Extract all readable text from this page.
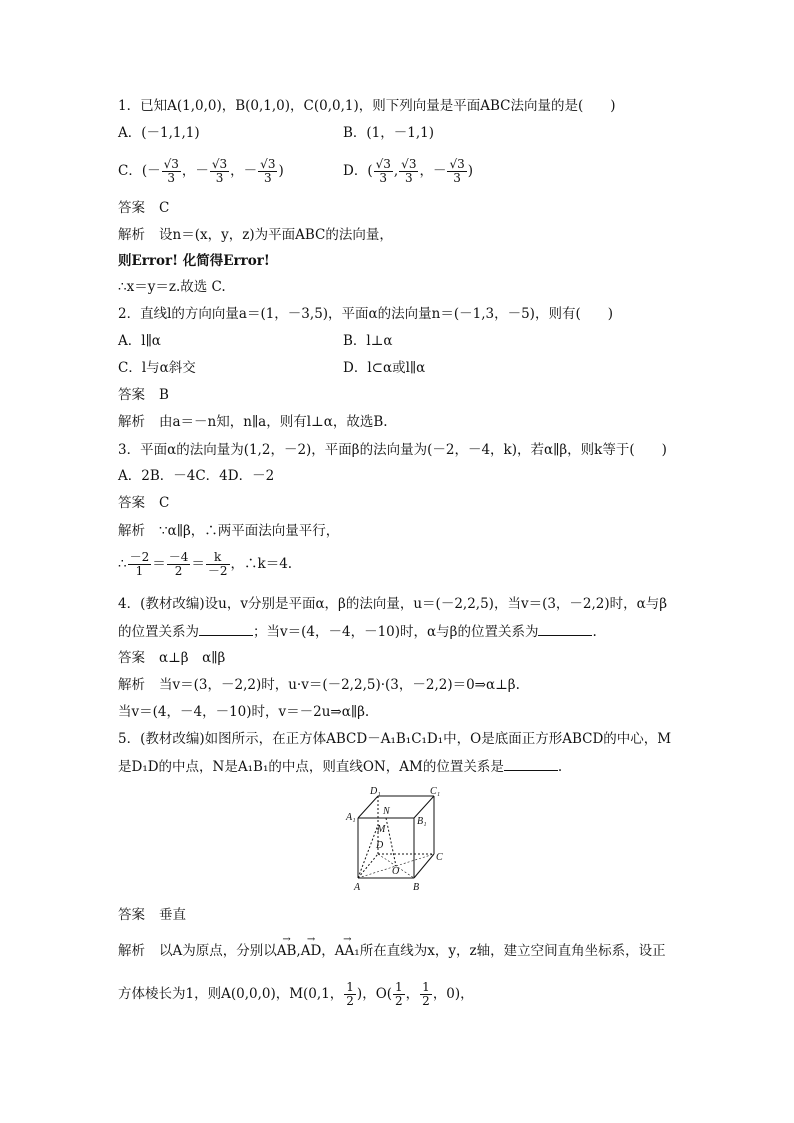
1．已知A(1,0,0)，B(0,1,0)，C(0,0,1)，则下列向量是平面ABC法向量的是(　　)
A．(－1,1,1)	B．(1，－1,1)
C．(－ $\frac{√3}{3}$ ，－ $\frac{√3}{3}$ ，－ $\frac{√3}{3}$ )	D．( $\frac{√3}{3}$ , $\frac{√3}{3}$ ，－ $\frac{√3}{3}$ )
答案 C
解析 设n＝(x，y，z)为平面ABC的法向量，
则Error! 化简得Error!
∴x＝y＝z.故选 C.
2．直线l的方向向量a＝(1，－3,5)，平面α的法向量n＝(－1,3，－5)，则有(　　)
A．l∥α	B．l⊥α
C．l与α斜交	D．l⊂α或l∥α
答案 B
解析 由a＝－n知，n∥a，则有l⊥α，故选B.
3．平面α的法向量为(1,2，－2)，平面β的法向量为(－2，－4，k)，若α∥β，则k等于(　　)
A．2B．－4C．4D．－2
答案 C
解析 ∵α∥β，∴两平面法向量平行，
∴ $\frac{-2}{1} = \frac{-4}{2} = \frac{k}{-2}$ ，∴k＝4.
4．(教材改编)设u，v分别是平面α，β的法向量，u＝(－2,2,5)，当v＝(3，－2,2)时，α与β
的位置关系为	；当v＝(4，－4，－10)时，α与β的位置关系为	.
答案 α⊥β　α∥β
解析 当v＝(3，－2,2)时，u·v＝(－2,2,5)·(3，－2,2)＝0⇒α⊥β.
当v＝(4，－4，－10)时，v＝－2u⇒α∥β.
5．(教材改编)如图所示，在正方体ABCD－A₁B₁C₁D₁中，O是底面正方形ABCD的中心，M
是D₁D的中点，N是A₁B₁的中点，则直线ON，AM的位置关系是	.
D₁	C₁
A₁	B₁
N
M
D
C
O
A	B
答案 垂直
解析 以A为原点，分别以→ AB,→ AD，→ AA₁所在直线为x，y，z轴，建立空间直角坐标系，设正
方体棱长为1，则A(0,0,0)，M(0,1， $\frac{1}{2}$ )，$O( \frac{1}{2}$ ， $\frac{1}{2}$ ，0)，
